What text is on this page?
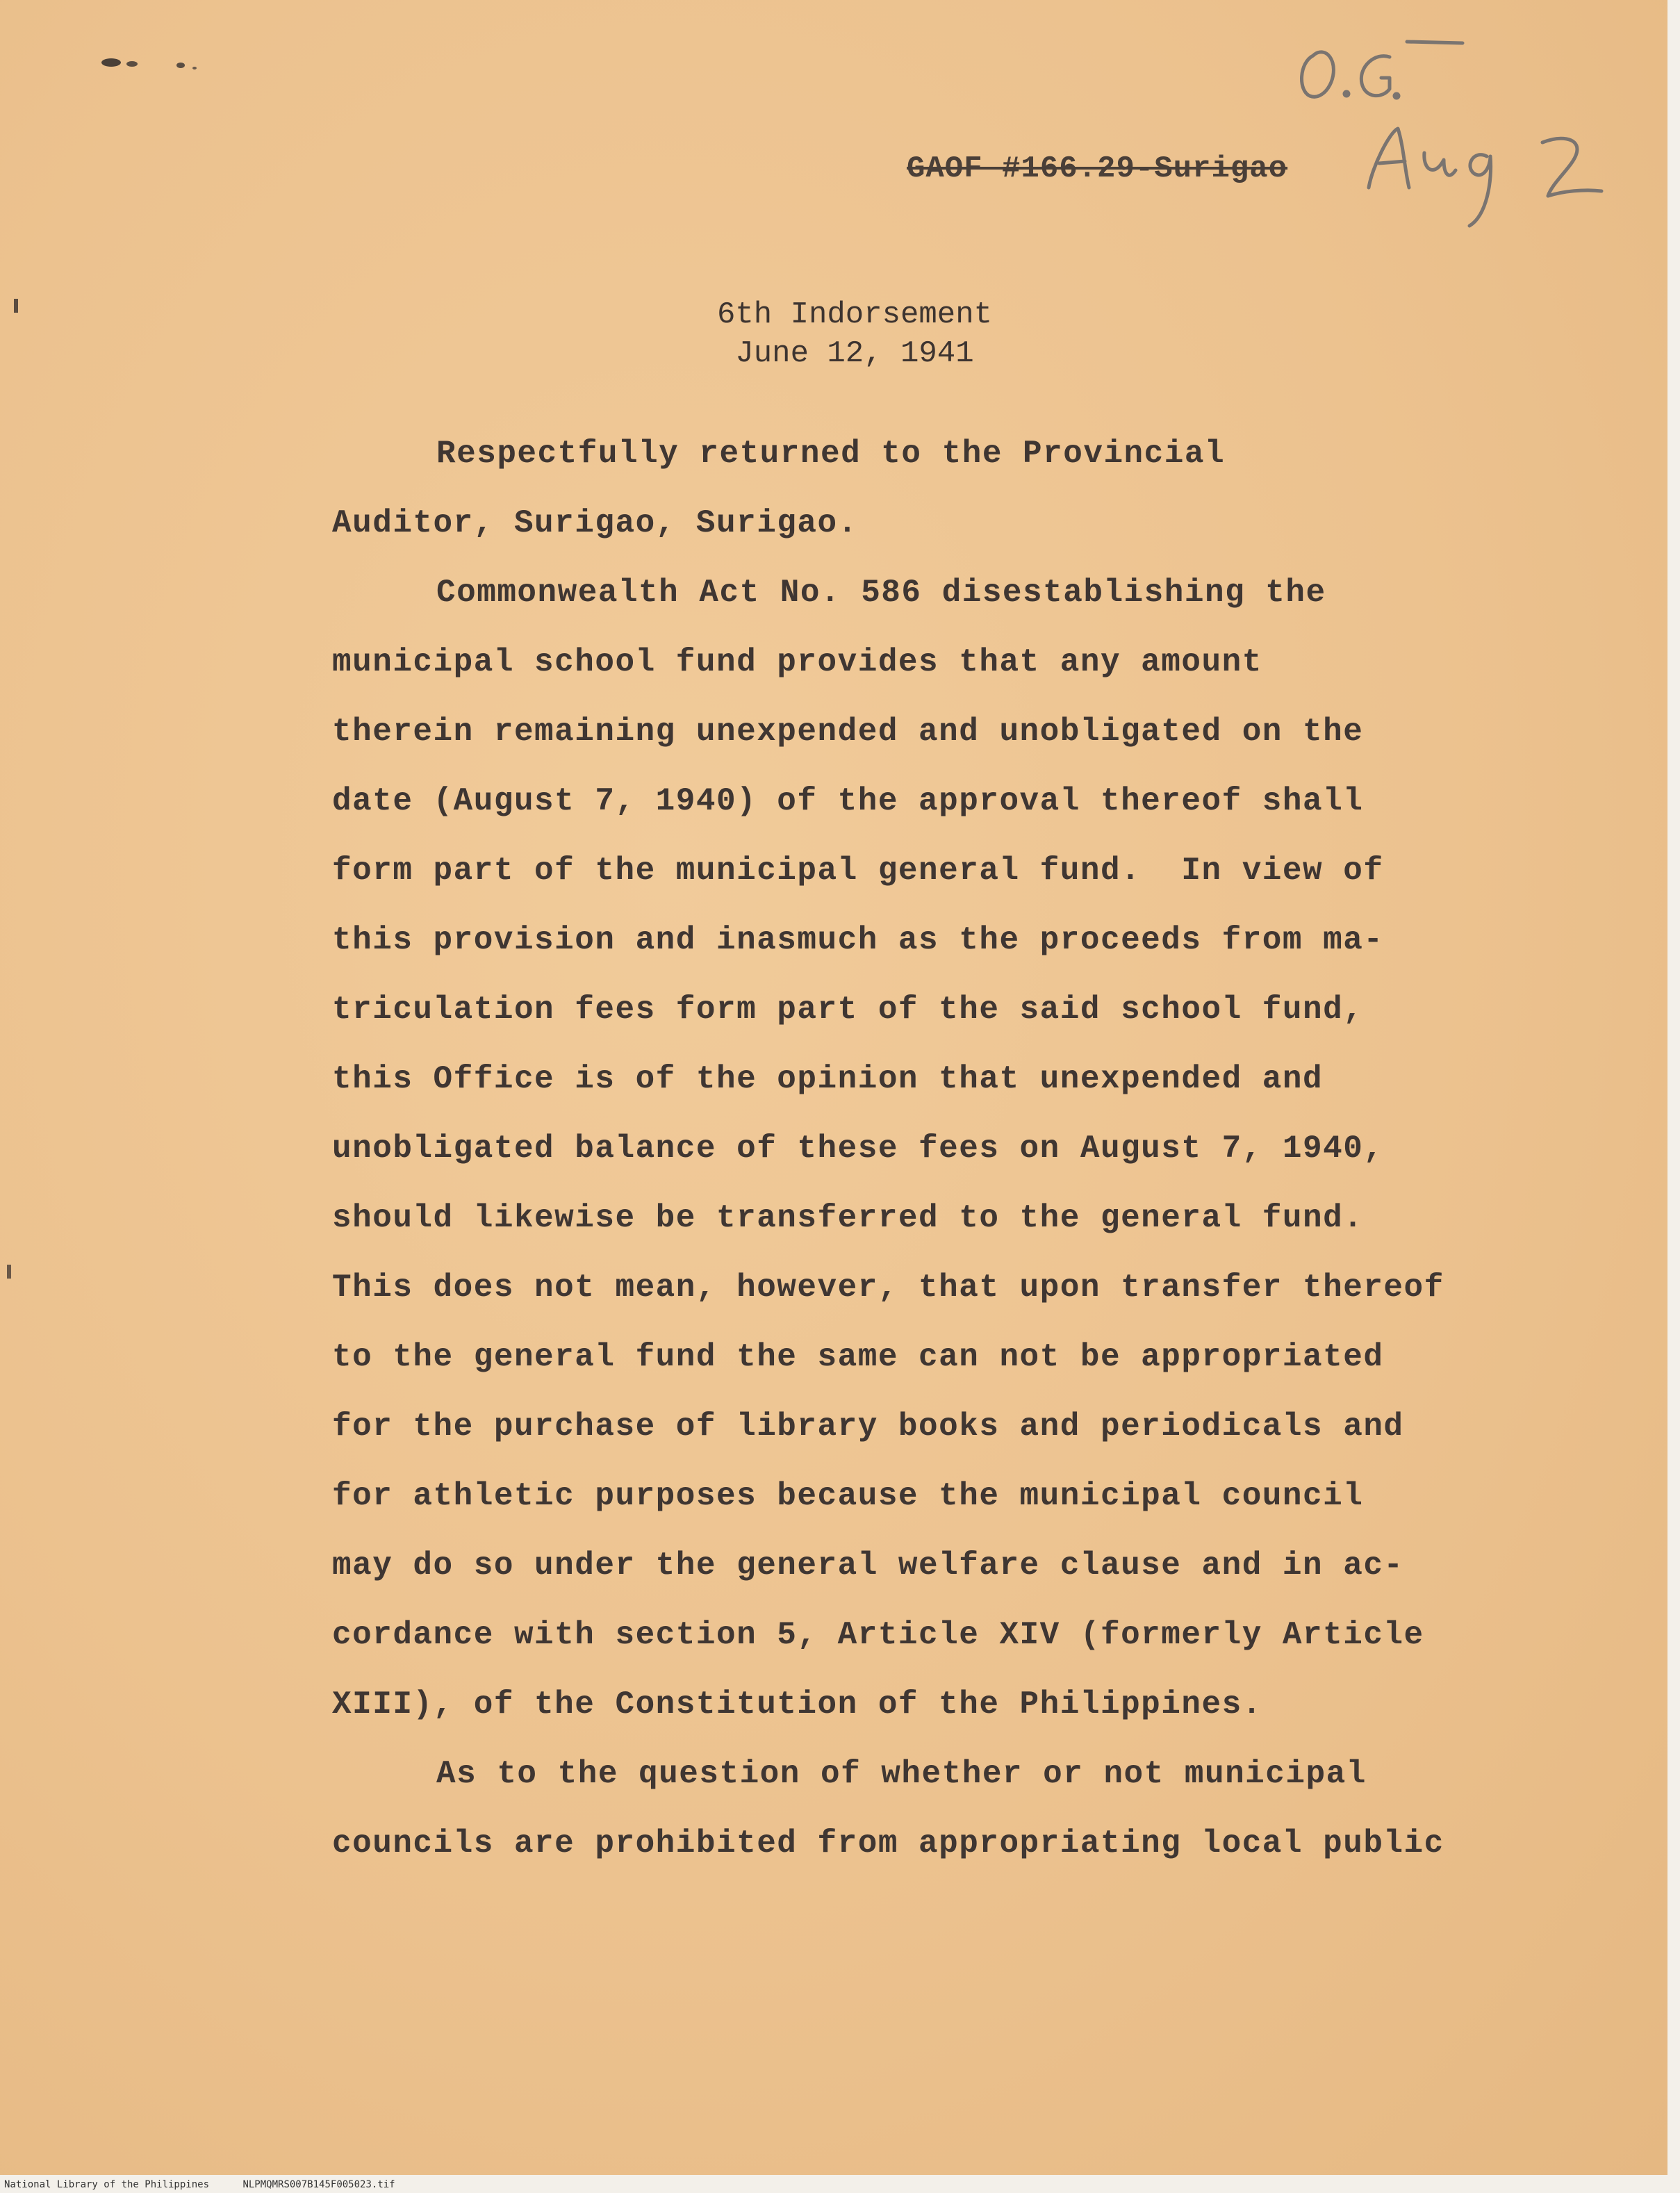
GAOF #166.29-Surigao
6th Indorsement
June 12, 1941
Respectfully returned to the Provincial
Auditor, Surigao, Surigao.
Commonwealth Act No. 586 disestablishing the
municipal school fund provides that any amount
therein remaining unexpended and unobligated on the
date (August 7, 1940) of the approval thereof shall
form part of the municipal general fund.  In view of
this provision and inasmuch as the proceeds from ma-
triculation fees form part of the said school fund,
this Office is of the opinion that unexpended and
unobligated balance of these fees on August 7, 1940,
should likewise be transferred to the general fund.
This does not mean, however, that upon transfer thereof
to the general fund the same can not be appropriated
for the purchase of library books and periodicals and
for athletic purposes because the municipal council
may do so under the general welfare clause and in ac-
cordance with section 5, Article XIV (formerly Article
XIII), of the Constitution of the Philippines.
As to the question of whether or not municipal
councils are prohibited from appropriating local public
National Library of the Philippines	NLPMQMRS007B145F005023.tif
